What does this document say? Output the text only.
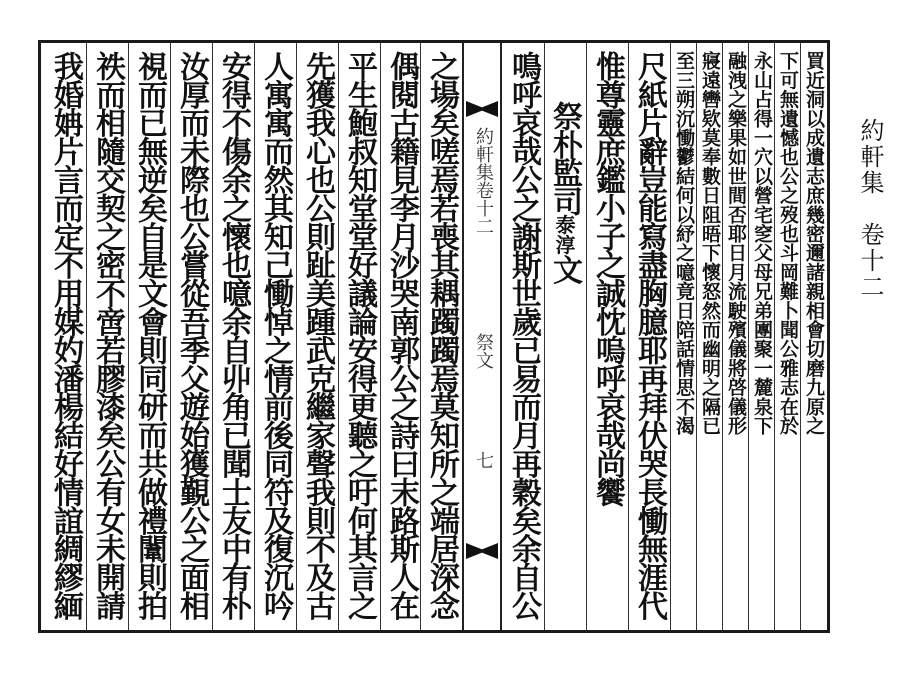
約軒集　卷十二
我婚姌片言而定不用媒妁潘楊結好情誼綢繆緬 祑而相隨交契之密不啻若膠漆矣公有女未開請 視而已無逆矣自是文會則同研而共做禮闈則拍 汝厚而未際也公嘗從吾季父遊始獲覲公之面相 安得不傷余之懷也噫余自丱角已聞士友中有朴 人寓寓而然其知己慟悼之情前後同符及復沉吟 先獲我心也公則趾美踵武克繼家聲我則不及古 平生鮑叔知堂堂好議論安得更聽之吁何其言之 偶閱古籍見李月沙哭南郭公之詩曰末路斯人在 之場矣嗟焉若喪其耦躅躅焉莫知所之端居深念 約軒集卷十二
祭文
七 鳴呼哀哉公之謝斯世歲已易而月再穀矣余自公 祭朴監司泰淳文 惟尊靈庶鑑小子之誠忱嗚呼哀哉尚饗 尺紙片辭豈能寫盡胸臆耶再拜伏哭長慟無涯代 至三朔沉慟鬱結何以紓之噫竟日陪話情思不渴 寢遠轡欵莫奉數日阻晤下懷怒然而幽明之隔已 融洩之樂果如世間否耶日月流駛殯儀將啓儀形 永山占得一穴以營宅窆父母兄弟團聚一麓泉下 下可無遺憾也公之歿也斗岡難卜聞公雅志在於 買近洞以成遺志庶幾密邇諸親相會切磨九原之
